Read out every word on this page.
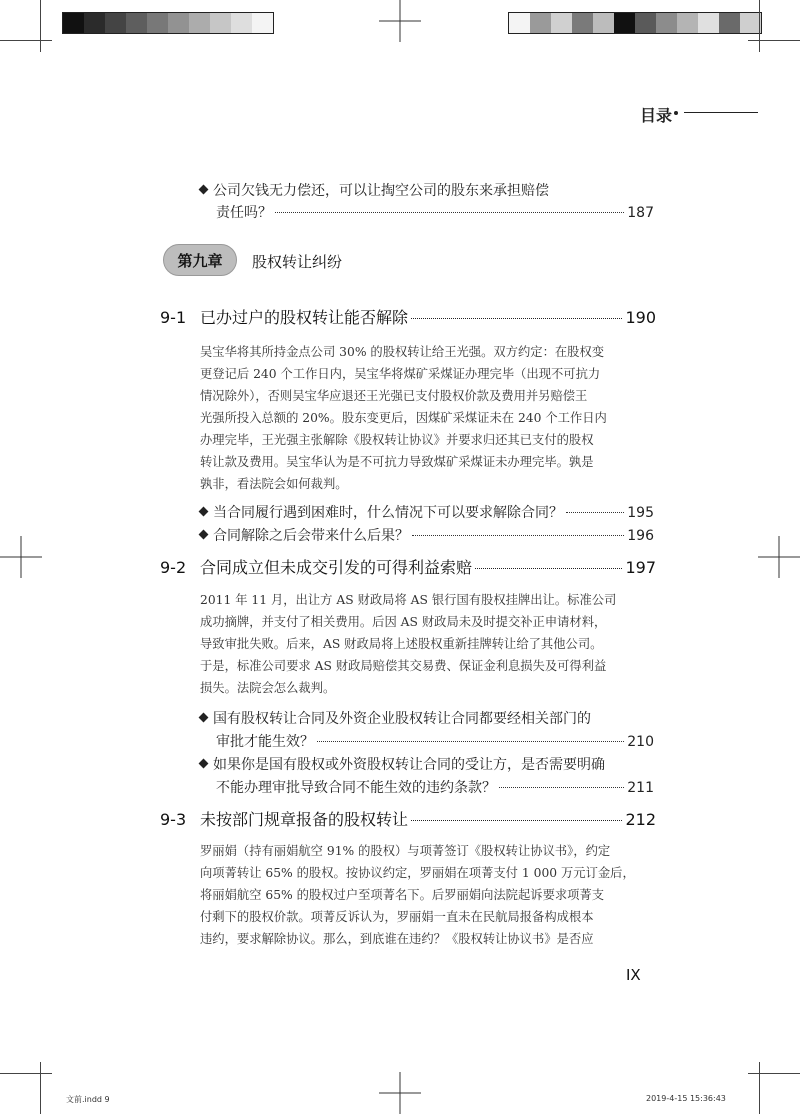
目录
公司欠钱无力偿还，可以让掏空公司的股东来承担赔偿
责任吗？	187
第九章	股权转让纠纷
9-1 已办过户的股权转让能否解除	190
吴宝华将其所持金点公司 30% 的股权转让给王光强。双方约定：在股权变
更登记后 240 个工作日内，吴宝华将煤矿采煤证办理完毕（出现不可抗力
情况除外），否则吴宝华应退还王光强已支付股权价款及费用并另赔偿王
光强所投入总额的 20%。股东变更后，因煤矿采煤证未在 240 个工作日内
办理完毕，王光强主张解除《股权转让协议》并要求归还其已支付的股权
转让款及费用。吴宝华认为是不可抗力导致煤矿采煤证未办理完毕。孰是
孰非，看法院会如何裁判。
当合同履行遇到困难时，什么情况下可以要求解除合同？	195
合同解除之后会带来什么后果？	196
9-2 合同成立但未成交引发的可得利益索赔	197
2011 年 11 月，出让方 AS 财政局将 AS 银行国有股权挂牌出让。标准公司
成功摘牌，并支付了相关费用。后因 AS 财政局未及时提交补正申请材料，
导致审批失败。后来，AS 财政局将上述股权重新挂牌转让给了其他公司。
于是，标准公司要求 AS 财政局赔偿其交易费、保证金利息损失及可得利益
损失。法院会怎么裁判。
国有股权转让合同及外资企业股权转让合同都要经相关部门的
审批才能生效？	210
如果你是国有股权或外资股权转让合同的受让方，是否需要明确
不能办理审批导致合同不能生效的违约条款？	211
9-3 未按部门规章报备的股权转让	212
罗丽娟（持有丽娟航空 91% 的股权）与项菁签订《股权转让协议书》，约定
向项菁转让 65% 的股权。按协议约定，罗丽娟在项菁支付 1 000 万元订金后，
将丽娟航空 65% 的股权过户至项菁名下。后罗丽娟向法院起诉要求项菁支
付剩下的股权价款。项菁反诉认为，罗丽娟一直未在民航局报备构成根本
违约，要求解除协议。那么，到底谁在违约？《股权转让协议书》是否应
IX
文前.indd 9	2019-4-15 15:36:43
